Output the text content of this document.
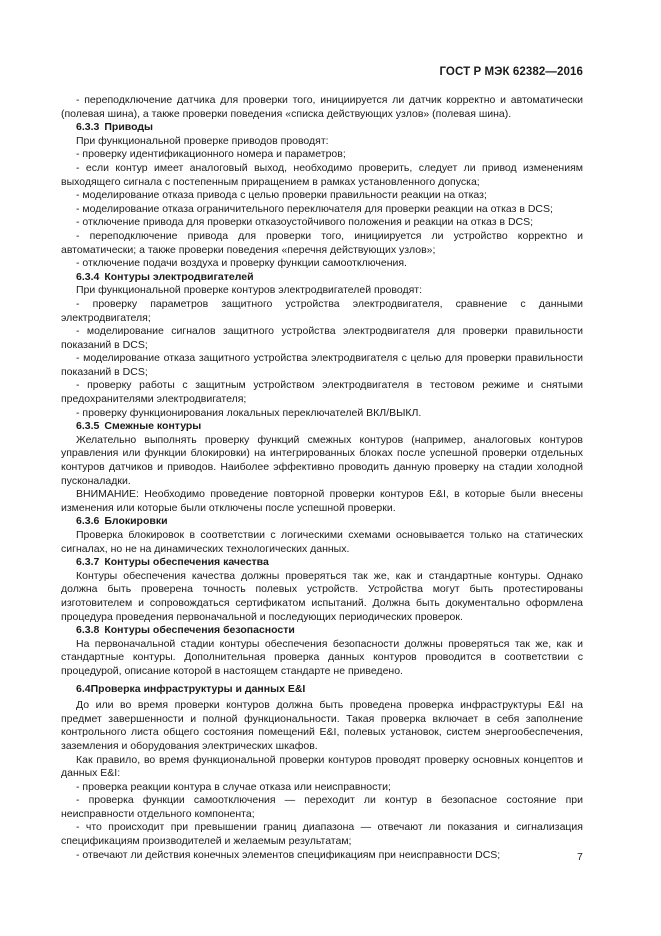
ГОСТ Р МЭК 62382—2016

- переподключение датчика для проверки того, инициируется ли датчик корректно и автоматически (полевая шина), а также проверки поведения «списка действующих узлов» (полевая шина).

6.3.3 Приводы

При функциональной проверке приводов проводят:

- проверку идентификационного номера и параметров;

- если контур имеет аналоговый выход, необходимо проверить, следует ли привод изменениям выходящего сигнала с постепенным приращением в рамках установленного допуска;

- моделирование отказа привода с целью проверки правильности реакции на отказ;

- моделирование отказа ограничительного переключателя для проверки реакции на отказ в DCS;

- отключение привода для проверки отказоустойчивого положения и реакции на отказ в DCS;

- переподключение привода для проверки того, инициируется ли устройство корректно и автоматически; а также проверки поведения «перечня действующих узлов»;

- отключение подачи воздуха и проверку функции самоотключения.

6.3.4 Контуры электродвигателей

При функциональной проверке контуров электродвигателей проводят:

- проверку параметров защитного устройства электродвигателя, сравнение с данными электродвигателя;

- моделирование сигналов защитного устройства электродвигателя для проверки правильности показаний в DCS;

- моделирование отказа защитного устройства электродвигателя с целью для проверки правильности показаний в DCS;

- проверку работы с защитным устройством электродвигателя в тестовом режиме и снятыми предохранителями электродвигателя;

- проверку функционирования локальных переключателей ВКЛ/ВЫКЛ.

6.3.5 Смежные контуры

Желательно выполнять проверку функций смежных контуров (например, аналоговых контуров управления или функции блокировки) на интегрированных блоках после успешной проверки отдельных контуров датчиков и приводов. Наиболее эффективно проводить данную проверку на стадии холодной пусконаладки.

ВНИМАНИЕ: Необходимо проведение повторной проверки контуров E&I, в которые были внесены изменения или которые были отключены после успешной проверки.

6.3.6 Блокировки

Проверка блокировок в соответствии с логическими схемами основывается только на статических сигналах, но не на динамических технологических данных.

6.3.7 Контуры обеспечения качества

Контуры обеспечения качества должны проверяться так же, как и стандартные контуры. Однако должна быть проверена точность полевых устройств. Устройства могут быть протестированы изготовителем и сопровождаться сертификатом испытаний. Должна быть документально оформлена процедура проведения первоначальной и последующих периодических проверок.

6.3.8 Контуры обеспечения безопасности

На первоначальной стадии контуры обеспечения безопасности должны проверяться так же, как и стандартные контуры. Дополнительная проверка данных контуров проводится в соответствии с процедурой, описание которой в настоящем стандарте не приведено.

6.4Проверка инфраструктуры и данных E&I

До или во время проверки контуров должна быть проведена проверка инфраструктуры E&I на предмет завершенности и полной функциональности. Такая проверка включает в себя заполнение контрольного листа общего состояния помещений E&I, полевых установок, систем энергообеспечения, заземления и оборудования электрических шкафов.

Как правило, во время функциональной проверки контуров проводят проверку основных концептов и данных E&I:

- проверка реакции контура в случае отказа или неисправности;

- проверка функции самоотключения — переходит ли контур в безопасное состояние при неисправности отдельного компонента;

- что происходит при превышении границ диапазона — отвечают ли показания и сигнализация спецификациям производителей и желаемым результатам;

- отвечают ли действия конечных элементов спецификациям при неисправности DCS;	7
